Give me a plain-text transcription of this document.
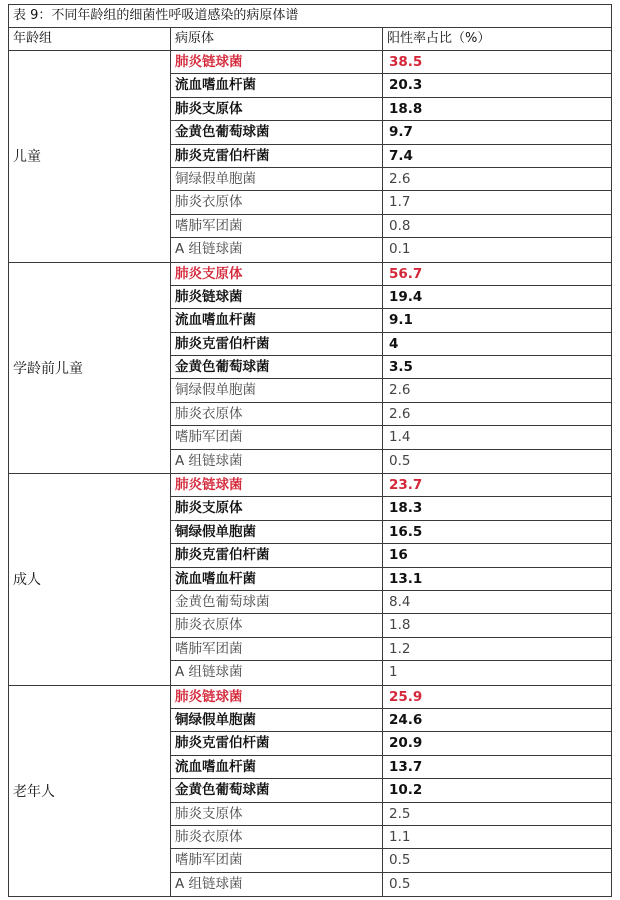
表 9：不同年龄组的细菌性呼吸道感染的病原体谱
年龄组	病原体	阳性率占比（%）
儿童
肺炎链球菌	38.5
流血嗜血杆菌	20.3
肺炎支原体	18.8
金黄色葡萄球菌	9.7
肺炎克雷伯杆菌	7.4
铜绿假单胞菌	2.6
肺炎衣原体	1.7
嗜肺军团菌	0.8
A 组链球菌	0.1
学龄前儿童
肺炎支原体	56.7
肺炎链球菌	19.4
流血嗜血杆菌	9.1
肺炎克雷伯杆菌	4
金黄色葡萄球菌	3.5
铜绿假单胞菌	2.6
肺炎衣原体	2.6
嗜肺军团菌	1.4
A 组链球菌	0.5
成人
肺炎链球菌	23.7
肺炎支原体	18.3
铜绿假单胞菌	16.5
肺炎克雷伯杆菌	16
流血嗜血杆菌	13.1
金黄色葡萄球菌	8.4
肺炎衣原体	1.8
嗜肺军团菌	1.2
A 组链球菌	1
老年人
肺炎链球菌	25.9
铜绿假单胞菌	24.6
肺炎克雷伯杆菌	20.9
流血嗜血杆菌	13.7
金黄色葡萄球菌	10.2
肺炎支原体	2.5
肺炎衣原体	1.1
嗜肺军团菌	0.5
A 组链球菌	0.5
